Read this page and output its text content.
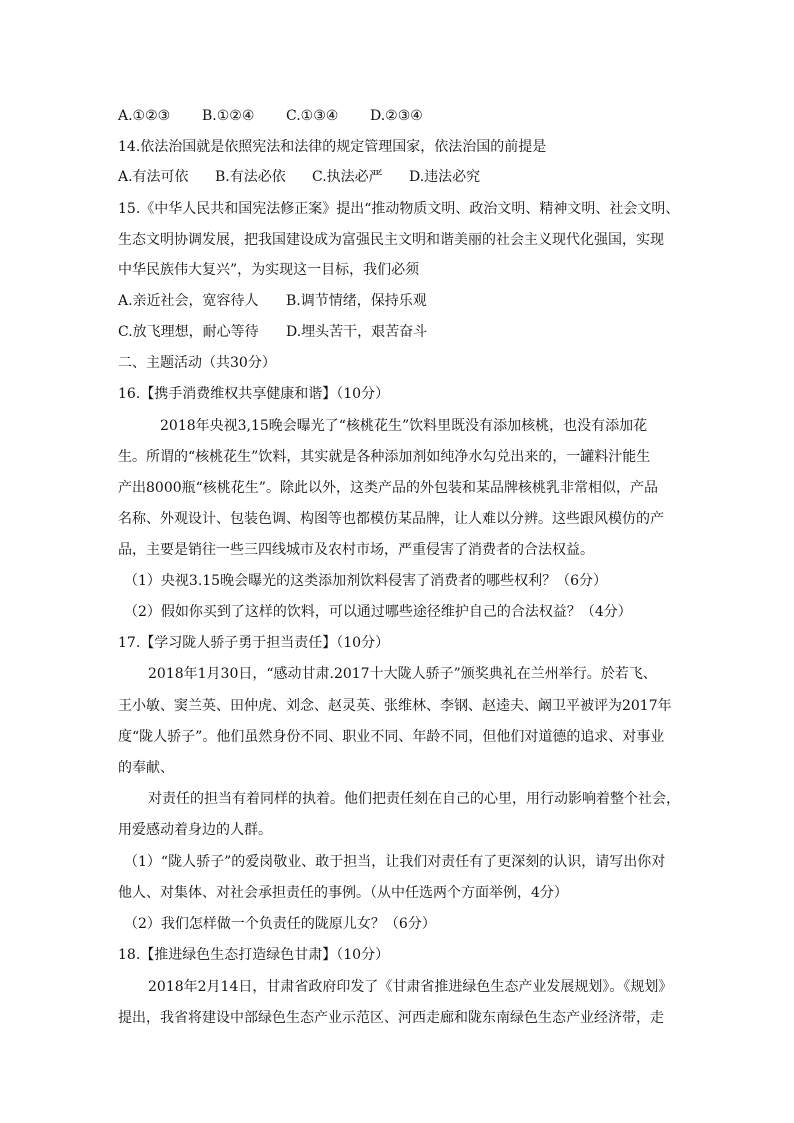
A.①②③ B.①②④ C.①③④ D.②③④
14.依法治国就是依照宪法和法律的规定管理国家，依法治国的前提是
A.有法可依 B.有法必依 C.执法必严 D.违法必究
15.《中华人民共和国宪法修正案》提出“推动物质文明、政治文明、精神文明、社会文明、
生态文明协调发展，把我国建设成为富强民主文明和谐美丽的社会主义现代化强国，实现
中华民族伟大复兴”，为实现这一目标，我们必须
A.亲近社会，宽容待人 B.调节情绪，保持乐观
C.放飞理想，耐心等待 D.埋头苦干，艰苦奋斗
二、主题活动（共30分）
16.【携手消费维权共享健康和谐】（10分）
2018年央视3,15晚会曝光了“核桃花生”饮料里既没有添加核桃，也没有添加花
生。所谓的“核桃花生”饮料，其实就是各种添加剂如纯净水勾兑出来的，一罐料汁能生
产出8000瓶“核桃花生”。除此以外，这类产品的外包装和某品牌核桃乳非常相似，产品
名称、外观设计、包装色调、构图等也都模仿某品牌，让人难以分辨。这些跟风模仿的产
品，主要是销往一些三四线城市及农村市场，严重侵害了消费者的合法权益。
（1）央视3.15晚会曝光的这类添加剂饮料侵害了消费者的哪些权利？（6分）
（2）假如你买到了这样的饮料，可以通过哪些途径维护自己的合法权益？（4分）
17.【学习陇人骄子勇于担当责任】（10分）
2018年1月30日，“感动甘肃.2017十大陇人骄子”颁奖典礼在兰州举行。於若飞、
王小敏、窦兰英、田仲虎、刘念、赵灵英、张维林、李钢、赵逵夫、阚卫平被评为2017年
度“陇人骄子”。他们虽然身份不同、职业不同、年龄不同，但他们对道德的追求、对事业
的奉献、
对责任的担当有着同样的执着。他们把责任刻在自己的心里，用行动影响着整个社会，
用爱感动着身边的人群。
（1）“陇人骄子”的爱岗敬业、敢于担当，让我们对责任有了更深刻的认识，请写出你对
他人、对集体、对社会承担责任的事例。（从中任选两个方面举例，4分）
（2）我们怎样做一个负责任的陇原儿女？（6分）
18.【推进绿色生态打造绿色甘肃】（10分）
2018年2月14日，甘肃省政府印发了《甘肃省推进绿色生态产业发展规划》。《规划》
提出，我省将建设中部绿色生态产业示范区、河西走廊和陇东南绿色生态产业经济带，走
